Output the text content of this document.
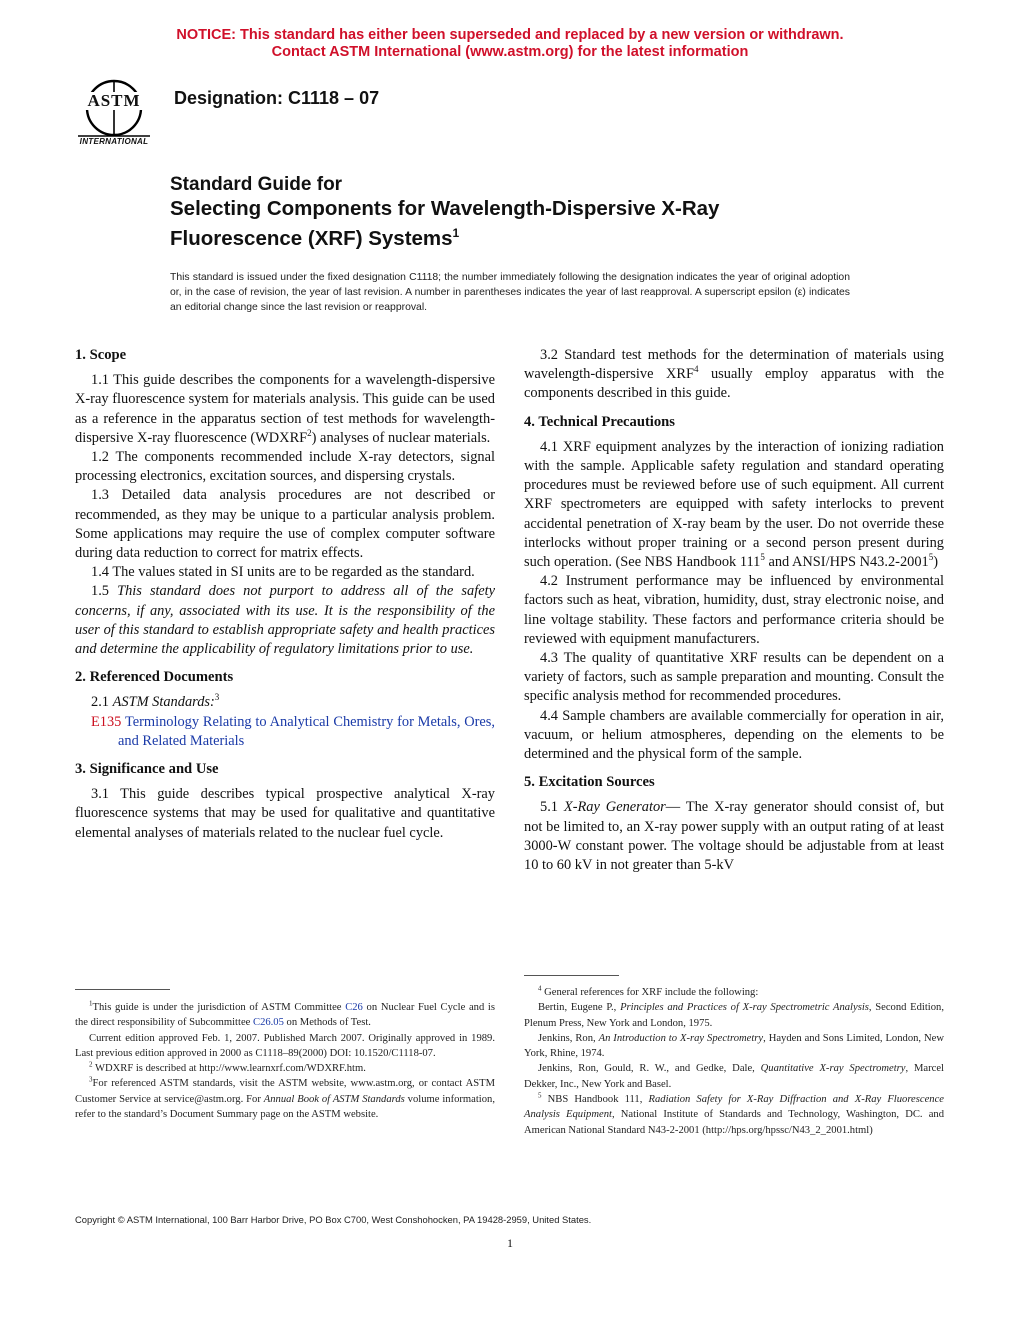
NOTICE: This standard has either been superseded and replaced by a new version or withdrawn.
Contact ASTM International (www.astm.org) for the latest information
ASTM
INTERNATIONAL
Designation: C1118 – 07
Standard Guide for
Selecting Components for Wavelength-Dispersive X-Ray
Fluorescence (XRF) Systems$^1$
This standard is issued under the fixed designation C1118; the number immediately following the designation indicates the year of original adoption or, in the case of revision, the year of last revision. A number in parentheses indicates the year of last reapproval. A superscript epsilon (ε) indicates an editorial change since the last revision or reapproval.
1. Scope

1.1 This guide describes the components for a wavelength-dispersive X-ray fluorescence system for materials analysis. This guide can be used as a reference in the apparatus section of test methods for wavelength-dispersive X-ray fluorescence (WDXRF$^2$) analyses of nuclear materials.

1.2 The components recommended include X-ray detectors, signal processing electronics, excitation sources, and dispersing crystals.

1.3 Detailed data analysis procedures are not described or recommended, as they may be unique to a particular analysis problem. Some applications may require the use of complex computer software during data reduction to correct for matrix effects.

1.4 The values stated in SI units are to be regarded as the standard.

1.5 This standard does not purport to address all of the safety concerns, if any, associated with its use. It is the responsibility of the user of this standard to establish appropriate safety and health practices and determine the applicability of regulatory limitations prior to use.

2. Referenced Documents

2.1 ASTM Standards:$^3$

E135 Terminology Relating to Analytical Chemistry for Metals, Ores, and Related Materials

3. Significance and Use

3.1 This guide describes typical prospective analytical X-ray fluorescence systems that may be used for qualitative and quantitative elemental analyses of materials related to the nuclear fuel cycle.

3.2 Standard test methods for the determination of materials using wavelength-dispersive XRF$^4$ usually employ apparatus with the components described in this guide.

4. Technical Precautions

4.1 XRF equipment analyzes by the interaction of ionizing radiation with the sample. Applicable safety regulation and standard operating procedures must be reviewed before use of such equipment. All current XRF spectrometers are equipped with safety interlocks to prevent accidental penetration of X-ray beam by the user. Do not override these interlocks without proper training or a second person present during such operation. (See NBS Handbook $111^5$ and ANSI/HPS N43.2-2001$^5$)

4.2 Instrument performance may be influenced by environmental factors such as heat, vibration, humidity, dust, stray electronic noise, and line voltage stability. These factors and performance criteria should be reviewed with equipment manufacturers.

4.3 The quality of quantitative XRF results can be dependent on a variety of factors, such as sample preparation and mounting. Consult the specific analysis method for recommended procedures.

4.4 Sample chambers are available commercially for operation in air, vacuum, or helium atmospheres, depending on the elements to be determined and the physical form of the sample.

5. Excitation Sources

5.1 X-Ray Generator— The X-ray generator should consist of, but not be limited to, an X-ray power supply with an output rating of at least 3000-W constant power. The voltage should be adjustable from at least 10 to 60 kV in not greater than 5-kV

$^1$This guide is under the jurisdiction of ASTM Committee C26 on Nuclear Fuel Cycle and is the direct responsibility of Subcommittee C26.05 on Methods of Test.

Current edition approved Feb. 1, 2007. Published March 2007. Originally approved in 1989. Last previous edition approved in 2000 as C1118–89(2000) DOI: 10.1520/C1118-07.

$^2$ WDXRF is described at http://www.learnxrf.com/WDXRF.htm.

$^3$For referenced ASTM standards, visit the ASTM website, www.astm.org, or contact ASTM Customer Service at service@astm.org. For Annual Book of ASTM Standards volume information, refer to the standard’s Document Summary page on the ASTM website.

$^4$ General references for XRF include the following:

Bertin, Eugene P., Principles and Practices of X-ray Spectrometric Analysis, Second Edition, Plenum Press, New York and London, 1975.

Jenkins, Ron, An Introduction to X-ray Spectrometry, Hayden and Sons Limited, London, New York, Rhine, 1974.

Jenkins, Ron, Gould, R. W., and Gedke, Dale, Quantitative X-ray Spectrometry, Marcel Dekker, Inc., New York and Basel.

$^5$ NBS Handbook 111, Radiation Safety for X-Ray Diffraction and X-Ray Fluorescence Analysis Equipment, National Institute of Standards and Technology, Washington, DC. and American National Standard N43-2-2001 (http://hps.org/hpssc/N43_2_2001.html)

Copyright © ASTM International, 100 Barr Harbor Drive, PO Box C700, West Conshohocken, PA 19428-2959, United States.
1
